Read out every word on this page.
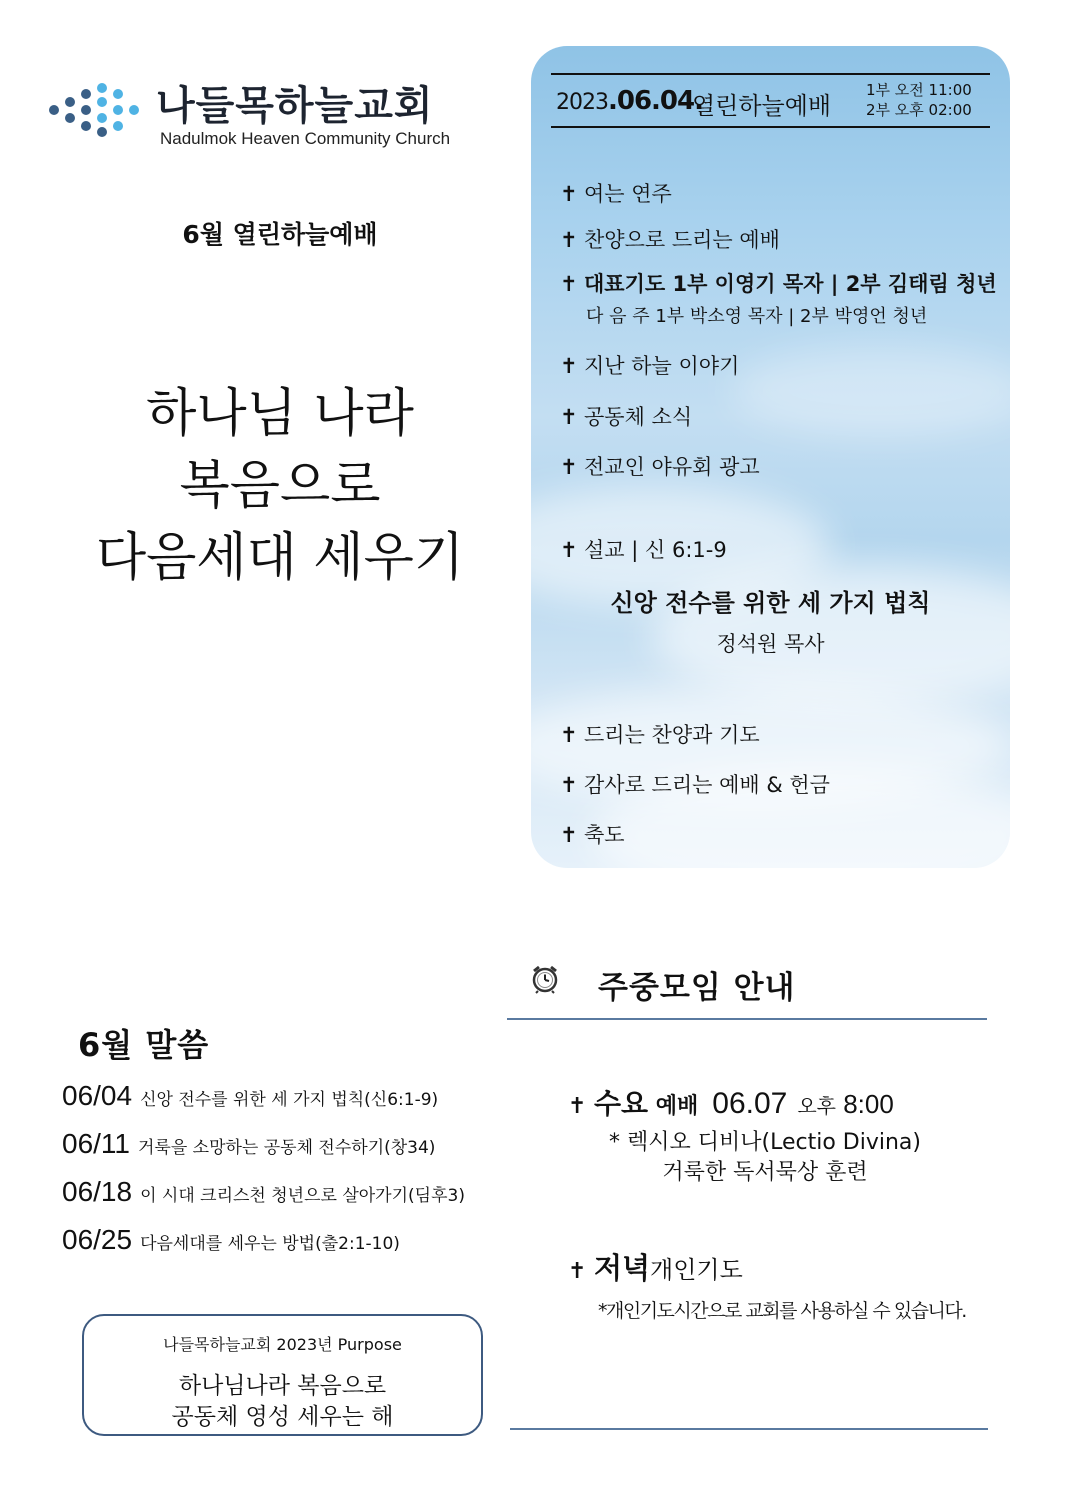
나들목하늘교회
Nadulmok Heaven Community Church
6월 열린하늘예배
하나님 나라
복음으로
다음세대 세우기
2023.06.04.
열린하늘예배
1부 오전 11:00
2부 오후 02:00
✝ 여는 연주
✝ 찬양으로 드리는 예배
✝ 대표기도 1부 이영기 목자 | 2부 김태림 청년
다 음 주 1부 박소영 목자 | 2부 박영언 청년
✝ 지난 하늘 이야기
✝ 공동체 소식
✝ 전교인 야유회 광고
✝ 설교 | 신 6:1-9
신앙 전수를 위한 세 가지 법칙
정석원 목사
✝ 드리는 찬양과 기도
✝ 감사로 드리는 예배 & 헌금
✝ 축도
주중모임 안내
✝ 수요 예배 06.07 오후 8:00
* 렉시오 디비나(Lectio Divina)
거룩한 독서묵상 훈련
✝ 저녁개인기도
*개인기도시간으로 교회를 사용하실 수 있습니다.
6월 말씀
06/04 신앙 전수를 위한 세 가지 법칙(신6:1-9)
06/11 거룩을 소망하는 공동체 전수하기(창34)
06/18 이 시대 크리스천 청년으로 살아가기(딤후3)
06/25 다음세대를 세우는 방법(출2:1-10)
나들목하늘교회 2023년 Purpose
하나님나라 복음으로
공동체 영성 세우는 해
